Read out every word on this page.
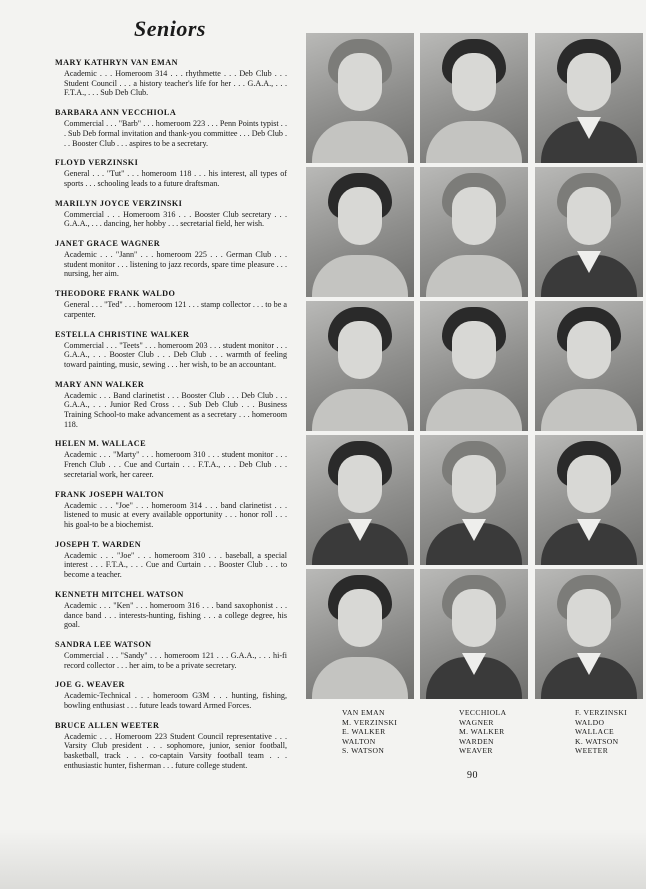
Seniors
MARY KATHRYN VAN EMAN
Academic . . . Homeroom 314 . . . rhythmette . . . Deb Club . . . Student Council . . . a history teacher's life for her . . . G.A.A., . . . F.T.A., . . . Sub Deb Club.
BARBARA ANN VECCHIOLA
Commercial . . . "Barb" . . . homeroom 223 . . . Penn Points typist . . . Sub Deb formal invitation and thank-you committee . . . Deb Club . . . Booster Club . . . aspires to be a secretary.
FLOYD VERZINSKI
General . . . "Tut" . . . homeroom 118 . . . his interest, all types of sports . . . schooling leads to a future draftsman.
MARILYN JOYCE VERZINSKI
Commercial . . . Homeroom 316 . . . Booster Club secretary . . . G.A.A., . . . dancing, her hobby . . . secretarial field, her wish.
JANET GRACE WAGNER
Academic . . . "Jann" . . . homeroom 225 . . . German Club . . . student monitor . . . listening to jazz records, spare time pleasure . . . nursing, her aim.
THEODORE FRANK WALDO
General . . . "Ted" . . . homeroom 121 . . . stamp collector . . . to be a carpenter.
ESTELLA CHRISTINE WALKER
Commercial . . . "Teets" . . . homeroom 203 . . . student monitor . . . G.A.A., . . . Booster Club . . . Deb Club . . . warmth of feeling toward painting, music, sewing . . . her wish, to be an accountant.
MARY ANN WALKER
Academic . . . Band clarinetist . . . Booster Club . . . Deb Club . . . G.A.A., . . . Junior Red Cross . . . Sub Deb Club . . . Business Training School-to make advancement as a secretary . . . homeroom 118.
HELEN M. WALLACE
Academic . . . "Marty" . . . homeroom 310 . . . student monitor . . . French Club . . . Cue and Curtain . . . F.T.A., . . . Deb Club . . . secretarial work, her career.
FRANK JOSEPH WALTON
Academic . . . "Joe" . . . homeroom 314 . . . band clarinetist . . . listened to music at every available opportunity . . . honor roll . . . his goal-to be a biochemist.
JOSEPH T. WARDEN
Academic . . . "Joe" . . . homeroom 310 . . . baseball, a special interest . . . F.T.A., . . . Cue and Curtain . . . Booster Club . . . to become a teacher.
KENNETH MITCHEL WATSON
Academic . . . "Ken" . . . homeroom 316 . . . band saxophonist . . . dance band . . . interests-hunting, fishing . . . a college degree, his goal.
SANDRA LEE WATSON
Commercial . . . "Sandy" . . . homeroom 121 . . . G.A.A., . . . hi-fi record collector . . . her aim, to be a private secretary.
JOE G. WEAVER
Academic-Technical . . . homeroom G3M . . . hunting, fishing, bowling enthusiast . . . future leads toward Armed Forces.
BRUCE ALLEN WEETER
Academic . . . Homeroom 223 Student Council representative . . . Varsity Club president . . . sophomore, junior, senior football, basketball, track . . . co-captain Varsity football team . . . enthusiastic hunter, fisherman . . . future college student.
VAN EMAN
M. VERZINSKI
E. WALKER
WALTON
S. WATSON
VECCHIOLA
WAGNER
M. WALKER
WARDEN
WEAVER
F. VERZINSKI
WALDO
WALLACE
K. WATSON
WEETER
90
